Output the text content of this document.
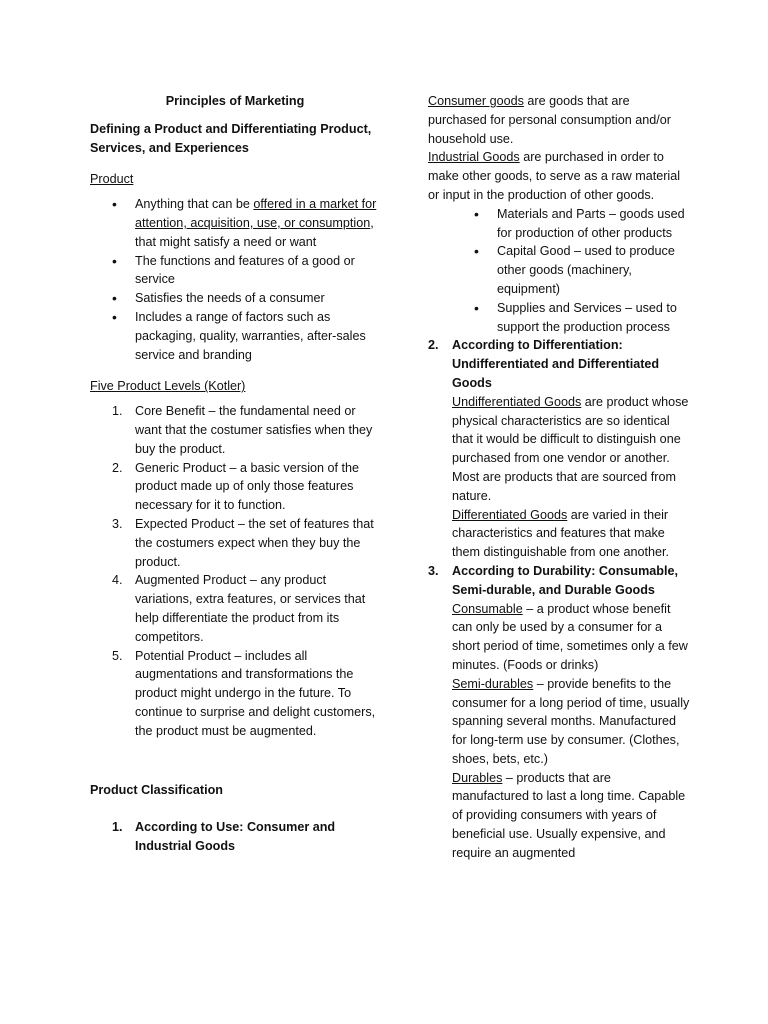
Principles of Marketing

Defining a Product and Differentiating Product, Services, and Experiences

Product

• Anything that can be offered in a market for attention, acquisition, use, or consumption, that might satisfy a need or want
• The functions and features of a good or service
• Satisfies the needs of a consumer
• Includes a range of factors such as packaging, quality, warranties, after-sales service and branding

Five Product Levels (Kotler)

1. Core Benefit – the fundamental need or want that the costumer satisfies when they buy the product.
2. Generic Product – a basic version of the product made up of only those features necessary for it to function.
3. Expected Product – the set of features that the costumers expect when they buy the product.
4. Augmented Product – any product variations, extra features, or services that help differentiate the product from its competitors.
5. Potential Product – includes all augmentations and transformations the product might undergo in the future. To continue to surprise and delight customers, the product must be augmented.

Product Classification

1. According to Use: Consumer and Industrial Goods

Consumer goods are goods that are purchased for personal consumption and/or household use.

Industrial Goods are purchased in order to make other goods, to serve as a raw material or input in the production of other goods.

• Materials and Parts – goods used for production of other products
• Capital Good – used to produce other goods (machinery, equipment)
• Supplies and Services – used to support the production process
2. According to Differentiation: Undifferentiated and Differentiated Goods

Undifferentiated Goods are product whose physical characteristics are so identical that it would be difficult to distinguish one purchased from one vendor or another. Most are products that are sourced from nature.

Differentiated Goods are varied in their characteristics and features that make them distinguishable from one another.

3. According to Durability: Consumable, Semi-durable, and Durable Goods

Consumable – a product whose benefit can only be used by a consumer for a short period of time, sometimes only a few minutes. (Foods or drinks)

Semi-durables – provide benefits to the consumer for a long period of time, usually spanning several months. Manufactured for long-term use by consumer. (Clothes, shoes, bets, etc.)

Durables – products that are manufactured to last a long time. Capable of providing consumers with years of beneficial use. Usually expensive, and require an augmented
